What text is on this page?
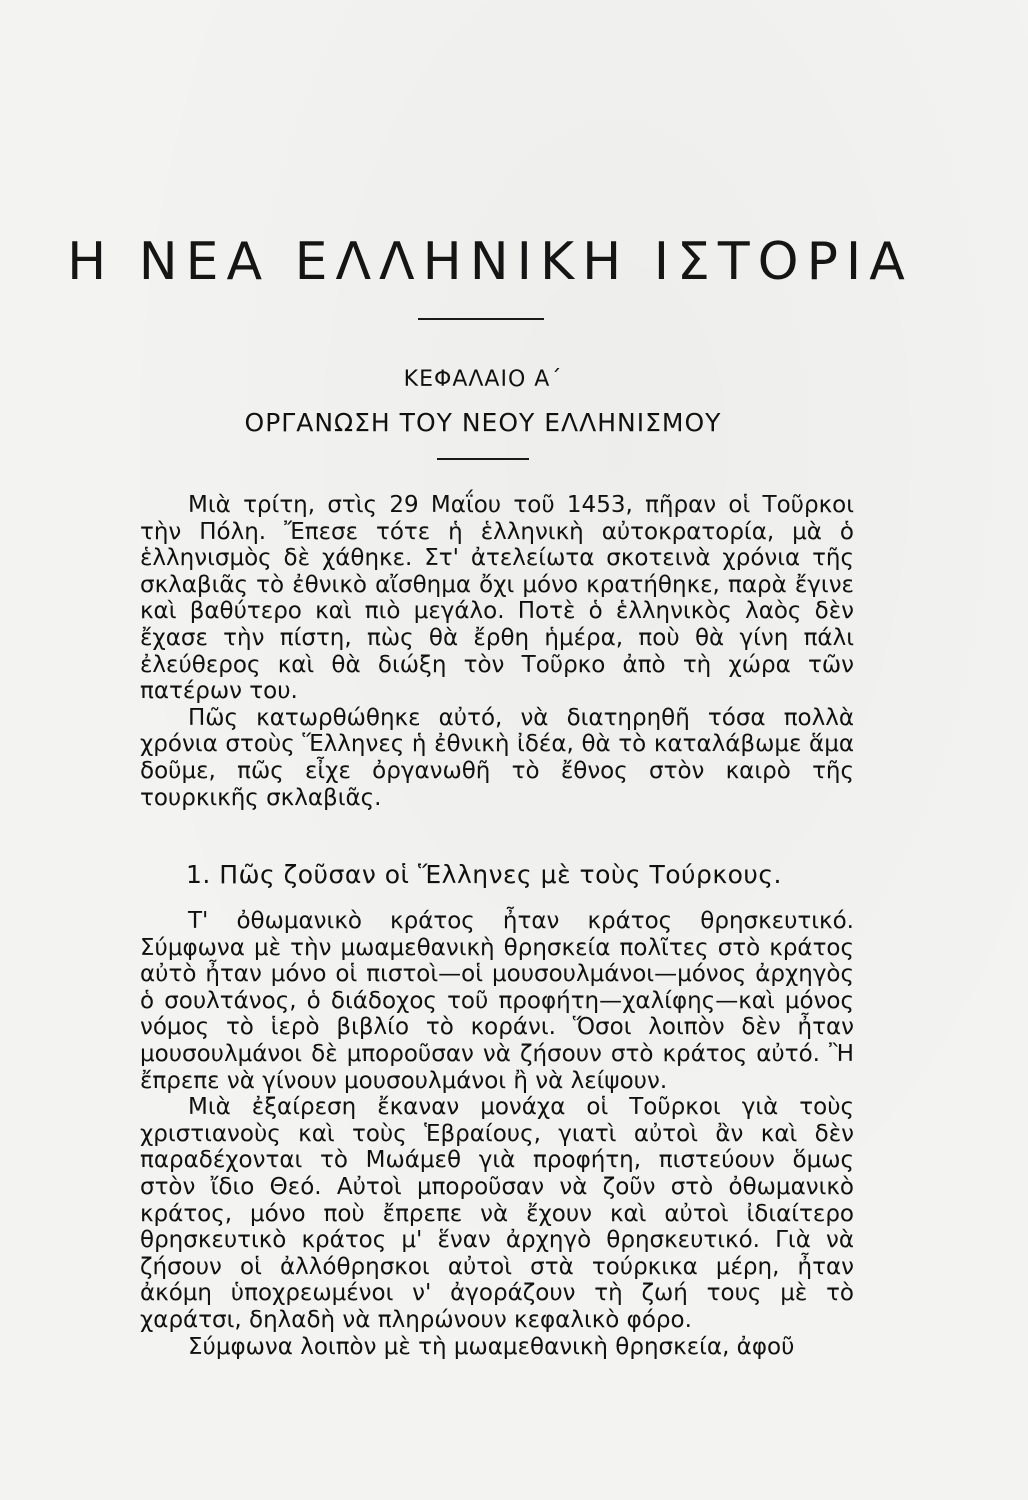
Η ΝΕΑ ΕΛΛΗΝΙΚΗ ΙΣΤΟΡΙΑ
ΚΕΦΑΛΑΙΟ Α΄
ΟΡΓΑΝΩΣΗ ΤΟΥ ΝΕΟΥ ΕΛΛΗΝΙΣΜΟΥ

Μιὰ τρίτη, στὶς 29 Μαΐου τοῦ 1453, πῆραν οἱ Τοῦρκοι τὴν Πόλη. Ἔπεσε τότε ἡ ἑλληνικὴ αὐτοκρατορία, μὰ ὁ ἑλληνισμὸς δὲ χάθηκε. Στ' ἀτελείωτα σκοτεινὰ χρόνια τῆς σκλαβιᾶς τὸ ἐθνικὸ αἴσθημα ὄχι μόνο κρατήθηκε, παρὰ ἔγινε καὶ βαθύτερο καὶ πιὸ μεγάλο. Ποτὲ ὁ ἑλληνικὸς λαὸς δὲν ἔχασε τὴν πίστη, πὼς θὰ ἔρθη ἡμέρα, ποὺ θὰ γίνη πάλι ἐλεύθερος καὶ θὰ διώξη τὸν Τοῦρκο ἀπὸ τὴ χώρα τῶν πατέρων του.

Πῶς κατωρθώθηκε αὐτό, νὰ διατηρηθῆ τόσα πολλὰ χρόνια στοὺς Ἕλληνες ἡ ἐθνικὴ ἰδέα, θὰ τὸ καταλάβωμε ἅμα δοῦμε, πῶς εἶχε ὀργανωθῆ τὸ ἔθνος στὸν καιρὸ τῆς τουρκικῆς σκλαβιᾶς.

1. Πῶς ζοῦσαν οἱ Ἕλληνες μὲ τοὺς Τούρκους.

Τ' ὀθωμανικὸ κράτος ἦταν κράτος θρησκευτικό. Σύμφωνα μὲ τὴν μωαμεθανικὴ θρησκεία πολῖτες στὸ κράτος αὐτὸ ἦταν μόνο οἱ πιστοὶ—οἱ μουσουλμάνοι—μόνος ἀρχηγὸς ὁ σουλτάνος, ὁ διάδοχος τοῦ προφήτη—χαλίφης—καὶ μόνος νόμος τὸ ἱερὸ βιβλίο τὸ κοράνι. Ὅσοι λοιπὸν δὲν ἦταν μουσουλμάνοι δὲ μποροῦσαν νὰ ζήσουν στὸ κράτος αὐτό. Ἢ ἔπρεπε νὰ γίνουν μουσουλμάνοι ἢ νὰ λείψουν.

Μιὰ ἐξαίρεση ἔκαναν μονάχα οἱ Τοῦρκοι γιὰ τοὺς χριστιανοὺς καὶ τοὺς Ἑβραίους, γιατὶ αὐτοὶ ἂν καὶ δὲν παραδέχονται τὸ Μωάμεθ γιὰ προφήτη, πιστεύουν ὅμως στὸν ἴδιο Θεό. Αὐτοὶ μποροῦσαν νὰ ζοῦν στὸ ὀθωμανικὸ κράτος, μόνο ποὺ ἔπρεπε νὰ ἔχουν καὶ αὐτοὶ ἰδιαίτερο θρησκευτικὸ κράτος μ' ἕναν ἀρχηγὸ θρησκευτικό. Γιὰ νὰ ζήσουν οἱ ἀλλόθρησκοι αὐτοὶ στὰ τούρκικα μέρη, ἦταν ἀκόμη ὑποχρεωμένοι ν' ἀγοράζουν τὴ ζωή τους μὲ τὸ χαράτσι, δηλαδὴ νὰ πληρώνουν κεφαλικὸ φόρο.

Σύμφωνα λοιπὸν μὲ τὴ μωαμεθανικὴ θρησκεία, ἀφοῦ
